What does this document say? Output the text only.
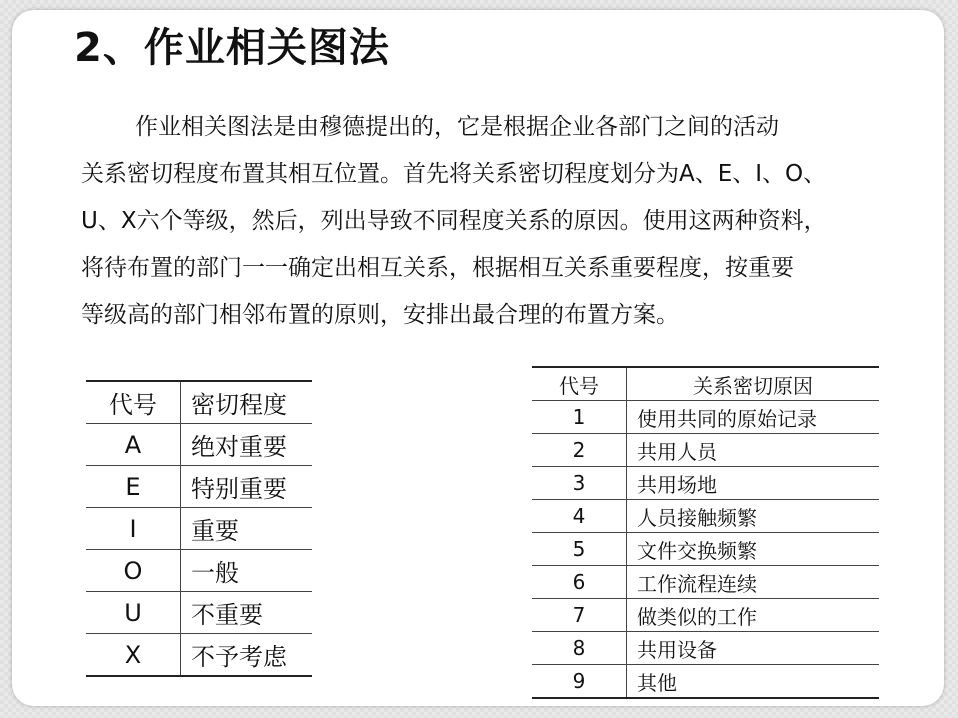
2、作业相关图法
作业相关图法是由穆德提出的，它是根据企业各部门之间的活动
关系密切程度布置其相互位置。首先将关系密切程度划分为A、E、I、O、
U、X六个等级，然后，列出导致不同程度关系的原因。使用这两种资料，
将待布置的部门一一确定出相互关系，根据相互关系重要程度，按重要
等级高的部门相邻布置的原则，安排出最合理的布置方案。
代号	密切程度
A	绝对重要
E	特别重要
I	重要
O	一般
U	不重要
X	不予考虑
代号	关系密切原因
1	使用共同的原始记录
2	共用人员
3	共用场地
4	人员接触频繁
5	文件交换频繁
6	工作流程连续
7	做类似的工作
8	共用设备
9	其他
